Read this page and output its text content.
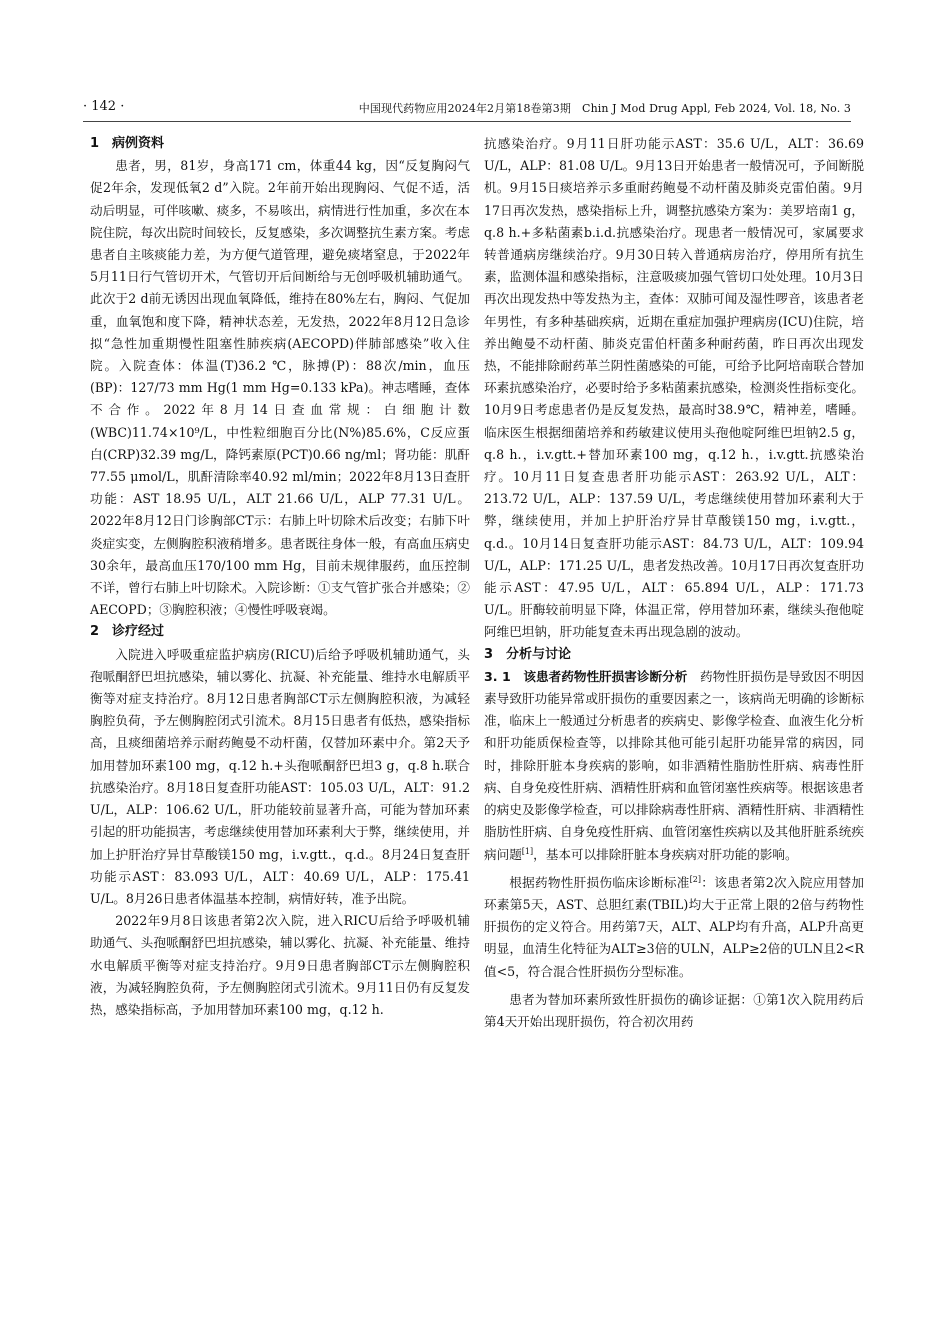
· 142 ·	中国现代药物应用2024年2月第18卷第3期　Chin J Mod Drug Appl, Feb 2024, Vol. 18, No. 3
1　病例资料

患者，男，81岁，身高171 cm，体重44 kg，因“反复胸闷气促2年余，发现低氧2 d”入院。2年前开始出现胸闷、气促不适，活动后明显，可伴咳嗽、痰多，不易咳出，病情进行性加重，多次在本院住院，每次出院时间较长，反复感染，多次调整抗生素方案。考虑患者自主咳痰能力差，为方便气道管理，避免痰堵窒息，于2022年5月11日行气管切开术，气管切开后间断给与无创呼吸机辅助通气。此次于2 d前无诱因出现血氧降低，维持在80%左右，胸闷、气促加重，血氧饱和度下降，精神状态差，无发热，2022年8月12日急诊拟“急性加重期慢性阻塞性肺疾病(AECOPD)伴肺部感染”收入住院。入院查体：体温(T)36.2 ℃，脉搏(P)：88次/min，血压(BP)：127/73 mm Hg(1 mm Hg=0.133 kPa)。神志嗜睡，查体不合作。2022年8月14日查血常规：白细胞计数(WBC)11.74×10⁹/L，中性粒细胞百分比(N%)85.6%，C反应蛋白(CRP)32.39 mg/L，降钙素原(PCT)0.66 ng/ml；肾功能：肌酐77.55 μmol/L，肌酐清除率40.92 ml/min；2022年8月13日查肝功能：AST 18.95 U/L，ALT 21.66 U/L，ALP 77.31 U/L。2022年8月12日门诊胸部CT示：右肺上叶切除术后改变；右肺下叶炎症实变，左侧胸腔积液稍增多。患者既往身体一般，有高血压病史30余年，最高血压170/100 mm Hg，目前未规律服药，血压控制不详，曾行右肺上叶切除术。入院诊断：①支气管扩张合并感染；② AECOPD；③胸腔积液；④慢性呼吸衰竭。

2　诊疗经过

入院进入呼吸重症监护病房(RICU)后给予呼吸机辅助通气，头孢哌酮舒巴坦抗感染，辅以雾化、抗凝、补充能量、维持水电解质平衡等对症支持治疗。8月12日患者胸部CT示左侧胸腔积液，为减轻胸腔负荷，予左侧胸腔闭式引流术。8月15日患者有低热，感染指标高，且痰细菌培养示耐药鲍曼不动杆菌，仅替加环素中介。第2天予加用替加环素100 mg，q.12 h.+头孢哌酮舒巴坦3 g，q.8 h.联合抗感染治疗。8月18日复查肝功能AST：105.03 U/L，ALT：91.2 U/L，ALP：106.62 U/L，肝功能较前显著升高，可能为替加环素引起的肝功能损害，考虑继续使用替加环素利大于弊，继续使用，并加上护肝治疗异甘草酸镁150 mg，i.v.gtt.，q.d.。8月24日复查肝功能示AST：83.093 U/L，ALT：40.69 U/L，ALP：175.41 U/L。8月26日患者体温基本控制，病情好转，准予出院。

2022年9月8日该患者第2次入院，进入RICU后给予呼吸机辅助通气、头孢哌酮舒巴坦抗感染，辅以雾化、抗凝、补充能量、维持水电解质平衡等对症支持治疗。9月9日患者胸部CT示左侧胸腔积液，为减轻胸腔负荷，予左侧胸腔闭式引流术。9月11日仍有反复发热，感染指标高，予加用替加环素100 mg，q.12 h.

抗感染治疗。9月11日肝功能示AST：35.6 U/L，ALT：36.69 U/L，ALP：81.08 U/L。9月13日开始患者一般情况可，予间断脱机。9月15日痰培养示多重耐药鲍曼不动杆菌及肺炎克雷伯菌。9月17日再次发热，感染指标上升，调整抗感染方案为：美罗培南1 g，q.8 h.+多粘菌素b.i.d.抗感染治疗。现患者一般情况可，家属要求转普通病房继续治疗。9月30日转入普通病房治疗，停用所有抗生素，监测体温和感染指标，注意吸痰加强气管切口处处理。10月3日再次出现发热中等发热为主，查体：双肺可闻及湿性啰音，该患者老年男性，有多种基础疾病，近期在重症加强护理病房(ICU)住院，培养出鲍曼不动杆菌、肺炎克雷伯杆菌多种耐药菌，昨日再次出现发热，不能排除耐药革兰阴性菌感染的可能，可给予比阿培南联合替加环素抗感染治疗，必要时给予多粘菌素抗感染，检测炎性指标变化。10月9日考虑患者仍是反复发热，最高时38.9℃，精神差，嗜睡。临床医生根据细菌培养和药敏建议使用头孢他啶阿维巴坦钠2.5 g，q.8 h.，i.v.gtt.+替加环素100 mg，q.12 h.，i.v.gtt.抗感染治疗。10月11日复查患者肝功能示AST：263.92 U/L，ALT：213.72 U/L，ALP：137.59 U/L，考虑继续使用替加环素利大于弊，继续使用，并加上护肝治疗异甘草酸镁150 mg，i.v.gtt.，q.d.。10月14日复查肝功能示AST：84.73 U/L，ALT：109.94 U/L，ALP：171.25 U/L，患者发热改善。10月17日再次复查肝功能示AST：47.95 U/L，ALT：65.894 U/L，ALP：171.73 U/L。肝酶较前明显下降，体温正常，停用替加环素，继续头孢他啶阿维巴坦钠，肝功能复查未再出现急剧的波动。

3　分析与讨论

3. 1　该患者药物性肝损害诊断分析　 药物性肝损伤是导致因不明因素导致肝功能异常或肝损伤的重要因素之一，该病尚无明确的诊断标准，临床上一般通过分析患者的疾病史、影像学检查、血液生化分析和肝功能质保检查等，以排除其他可能引起肝功能异常的病因，同时，排除肝脏本身疾病的影响，如非酒精性脂肪性肝病、病毒性肝病、自身免疫性肝病、酒精性肝病和血管闭塞性疾病等。根据该患者的病史及影像学检查，可以排除病毒性肝病、酒精性肝病、非酒精性脂肪性肝病、自身免疫性肝病、血管闭塞性疾病以及其他肝脏系统疾病问题[1]，基本可以排除肝脏本身疾病对肝功能的影响。

根据药物性肝损伤临床诊断标准[2]：该患者第2次入院应用替加环素第5天，AST、总胆红素(TBIL)均大于正常上限的2倍与药物性肝损伤的定义符合。用药第7天，ALT、ALP均有升高，ALP升高更明显，血清生化特征为ALT≥3倍的ULN，ALP≥2倍的ULN且2<R值<5，符合混合性肝损伤分型标准。

患者为替加环素所致性肝损伤的确诊证据：①第1次入院用药后第4天开始出现肝损伤，符合初次用药
